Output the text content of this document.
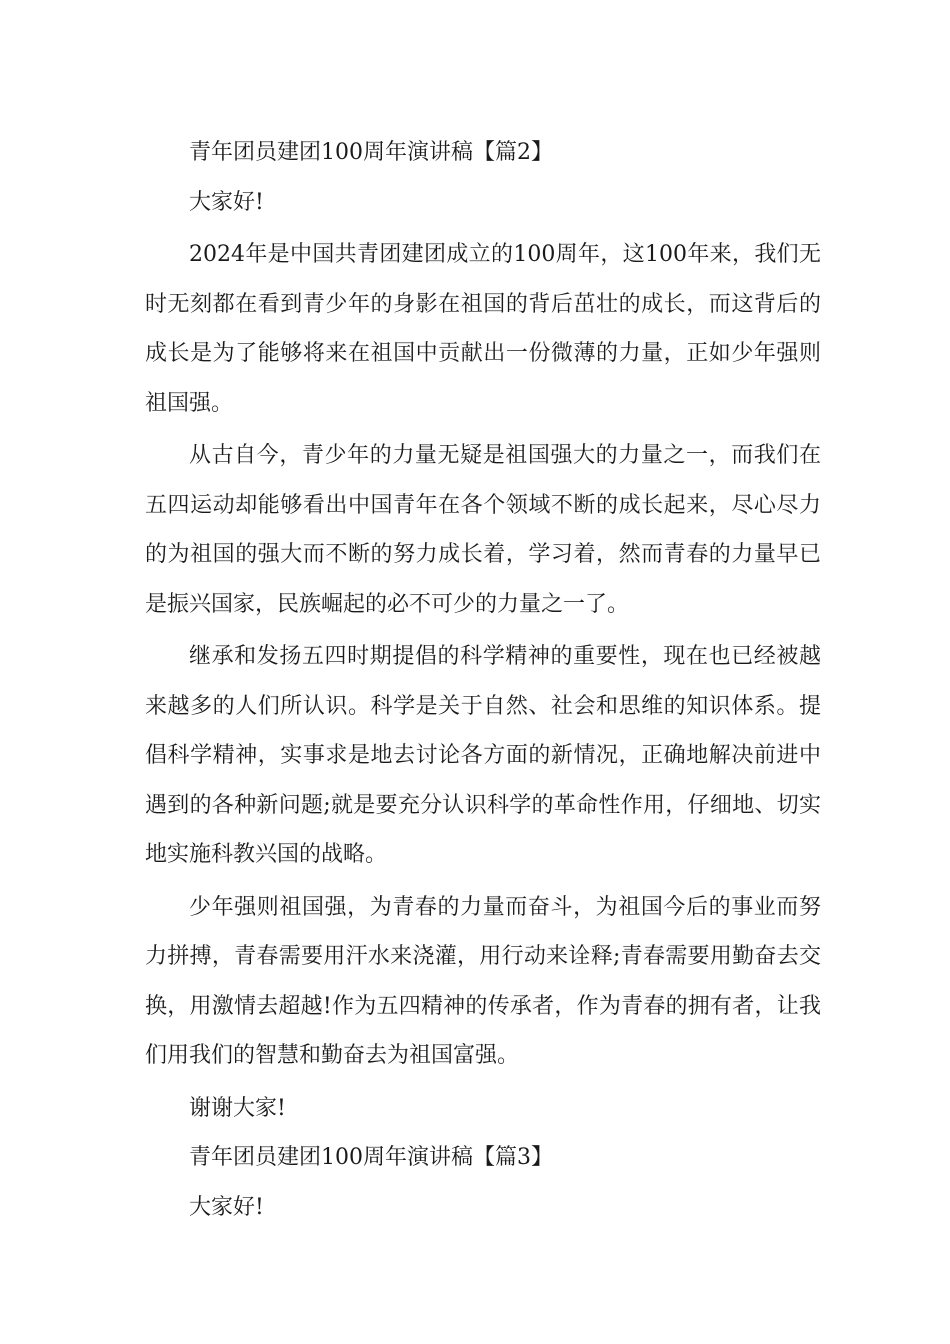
青年团员建团100周年演讲稿【篇2】

大家好!

2024年是中国共青团建团成立的100周年，这100年来，我们无时无刻都在看到青少年的身影在祖国的背后茁壮的成长，而这背后的成长是为了能够将来在祖国中贡献出一份微薄的力量，正如少年强则祖国强。

从古自今，青少年的力量无疑是祖国强大的力量之一，而我们在五四运动却能够看出中国青年在各个领域不断的成长起来，尽心尽力的为祖国的强大而不断的努力成长着，学习着，然而青春的力量早已是振兴国家，民族崛起的必不可少的力量之一了。

继承和发扬五四时期提倡的科学精神的重要性，现在也已经被越来越多的人们所认识。科学是关于自然、社会和思维的知识体系。提倡科学精神，实事求是地去讨论各方面的新情况，正确地解决前进中遇到的各种新问题;就是要充分认识科学的革命性作用，仔细地、切实地实施科教兴国的战略。

少年强则祖国强，为青春的力量而奋斗，为祖国今后的事业而努力拼搏，青春需要用汗水来浇灌，用行动来诠释;青春需要用勤奋去交换，用激情去超越!作为五四精神的传承者，作为青春的拥有者，让我们用我们的智慧和勤奋去为祖国富强。

谢谢大家!

青年团员建团100周年演讲稿【篇3】

大家好!
